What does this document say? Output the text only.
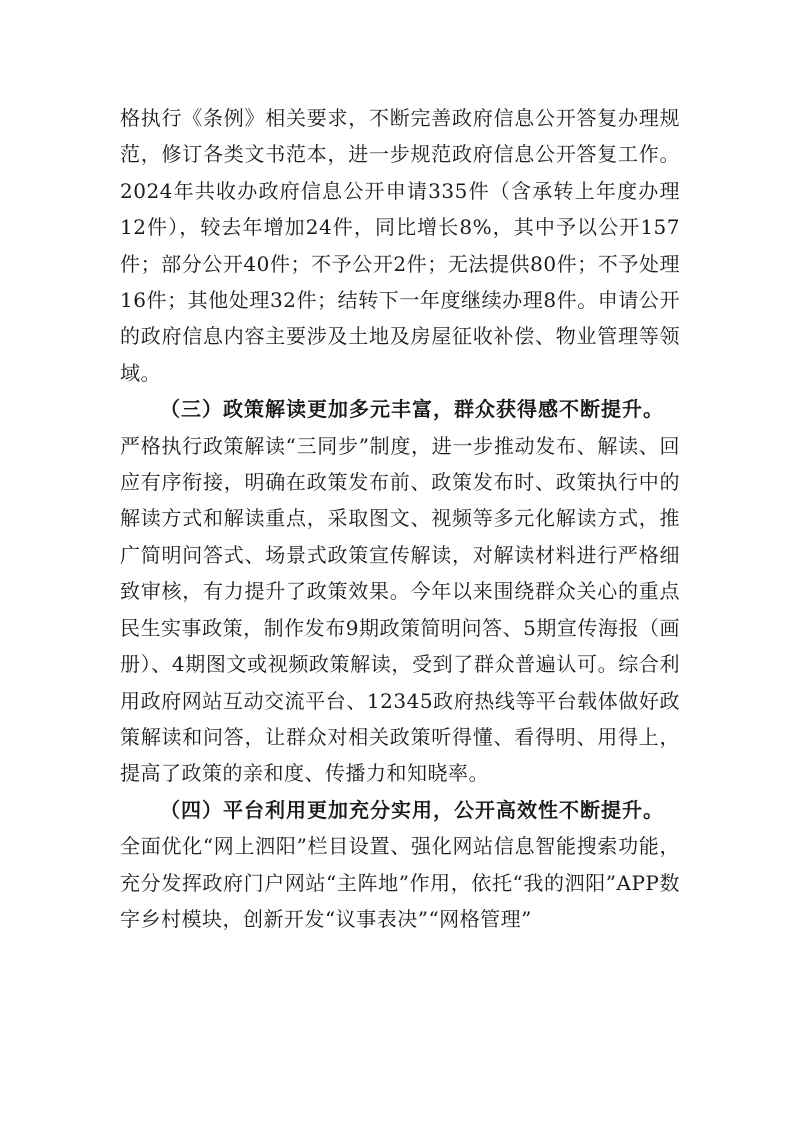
格执行《条例》相关要求，不断完善政府信息公开答复办理规范，修订各类文书范本，进一步规范政府信息公开答复工作。2024年共收办政府信息公开申请335件（含承转上年度办理12件），较去年增加24件，同比增长8%，其中予以公开157件；部分公开40件；不予公开2件；无法提供80件；不予处理16件；其他处理32件；结转下一年度继续办理8件。申请公开的政府信息内容主要涉及土地及房屋征收补偿、物业管理等领域。

（三）政策解读更加多元丰富，群众获得感不断提升。
严格执行政策解读“三同步”制度，进一步推动发布、解读、回应有序衔接，明确在政策发布前、政策发布时、政策执行中的解读方式和解读重点，采取图文、视频等多元化解读方式，推广简明问答式、场景式政策宣传解读，对解读材料进行严格细致审核，有力提升了政策效果。今年以来围绕群众关心的重点民生实事政策，制作发布9期政策简明问答、5期宣传海报（画册）、4期图文或视频政策解读，受到了群众普遍认可。综合利用政府网站互动交流平台、12345政府热线等平台载体做好政策解读和问答，让群众对相关政策听得懂、看得明、用得上，提高了政策的亲和度、传播力和知晓率。

（四）平台利用更加充分实用，公开高效性不断提升。
全面优化“网上泗阳”栏目设置、强化网站信息智能搜索功能，充分发挥政府门户网站“主阵地”作用，依托“我的泗阳”APP数字乡村模块，创新开发“议事表决”“网格管理”
